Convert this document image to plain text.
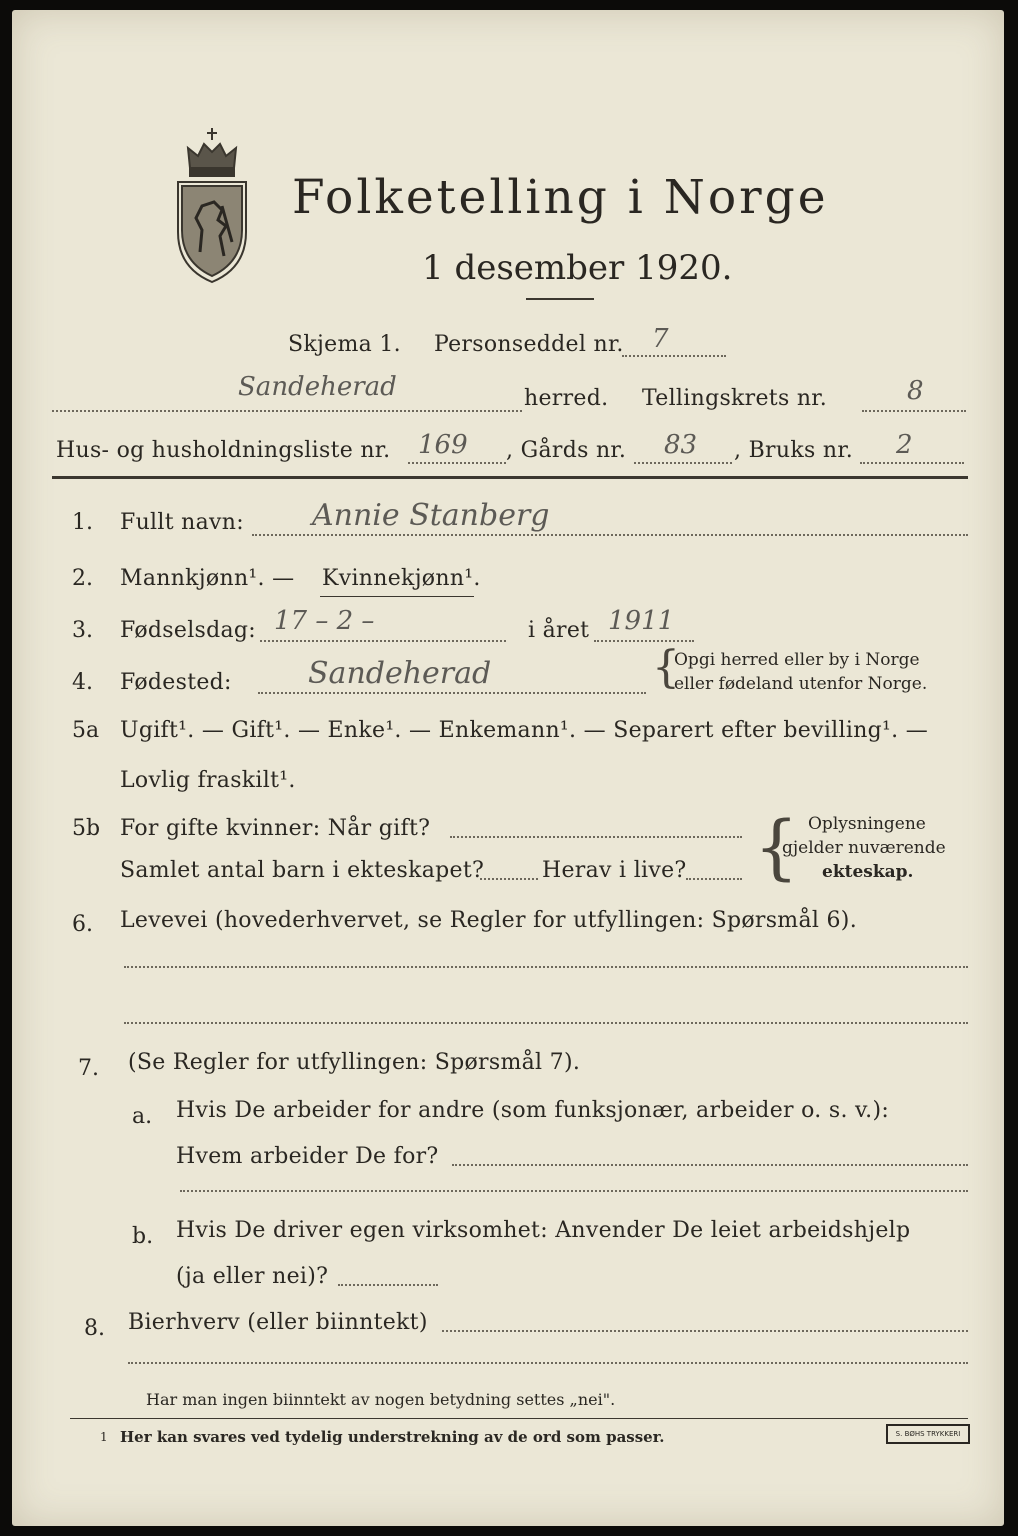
Folketelling i Norge
1 desember 1920.
Skjema 1. Personseddel nr. 7
Sandeherad	herred. Tellingskrets nr.	8
Hus- og husholdningsliste nr. 169 , Gårds nr. 83 , Bruks nr. 2
1. Fullt navn: Annie Stanberg
2. Mannkjønn¹. — Kvinnekjønn¹.
3. Fødselsdag: 17 – 2 –	i året 1911
4. Fødested:	Sandeherad	{
Opgi herred eller by i Norge
eller fødeland utenfor Norge.
5a Ugift¹. — Gift¹. — Enke¹. — Enkemann¹. — Separert efter bevilling¹. —
Lovlig fraskilt¹.
5b For gifte kvinner: Når gift?
Samlet antal barn i ekteskapet?	Herav i live? { Oplysningene
gjelder nuværende
ekteskap.
6. Levevei (hovederhvervet, se Regler for utfyllingen: Spørsmål 6).
7. (Se Regler for utfyllingen: Spørsmål 7).
a. Hvis De arbeider for andre (som funksjonær, arbeider o. s. v.):
Hvem arbeider De for?
b. Hvis De driver egen virksomhet: Anvender De leiet arbeidshjelp
(ja eller nei)?
8. Bierhverv (eller biinntekt)
Har man ingen biinntekt av nogen betydning settes „nei".
1 Her kan svares ved tydelig understrekning av de ord som passer.	S. BØHS TRYKKERI
